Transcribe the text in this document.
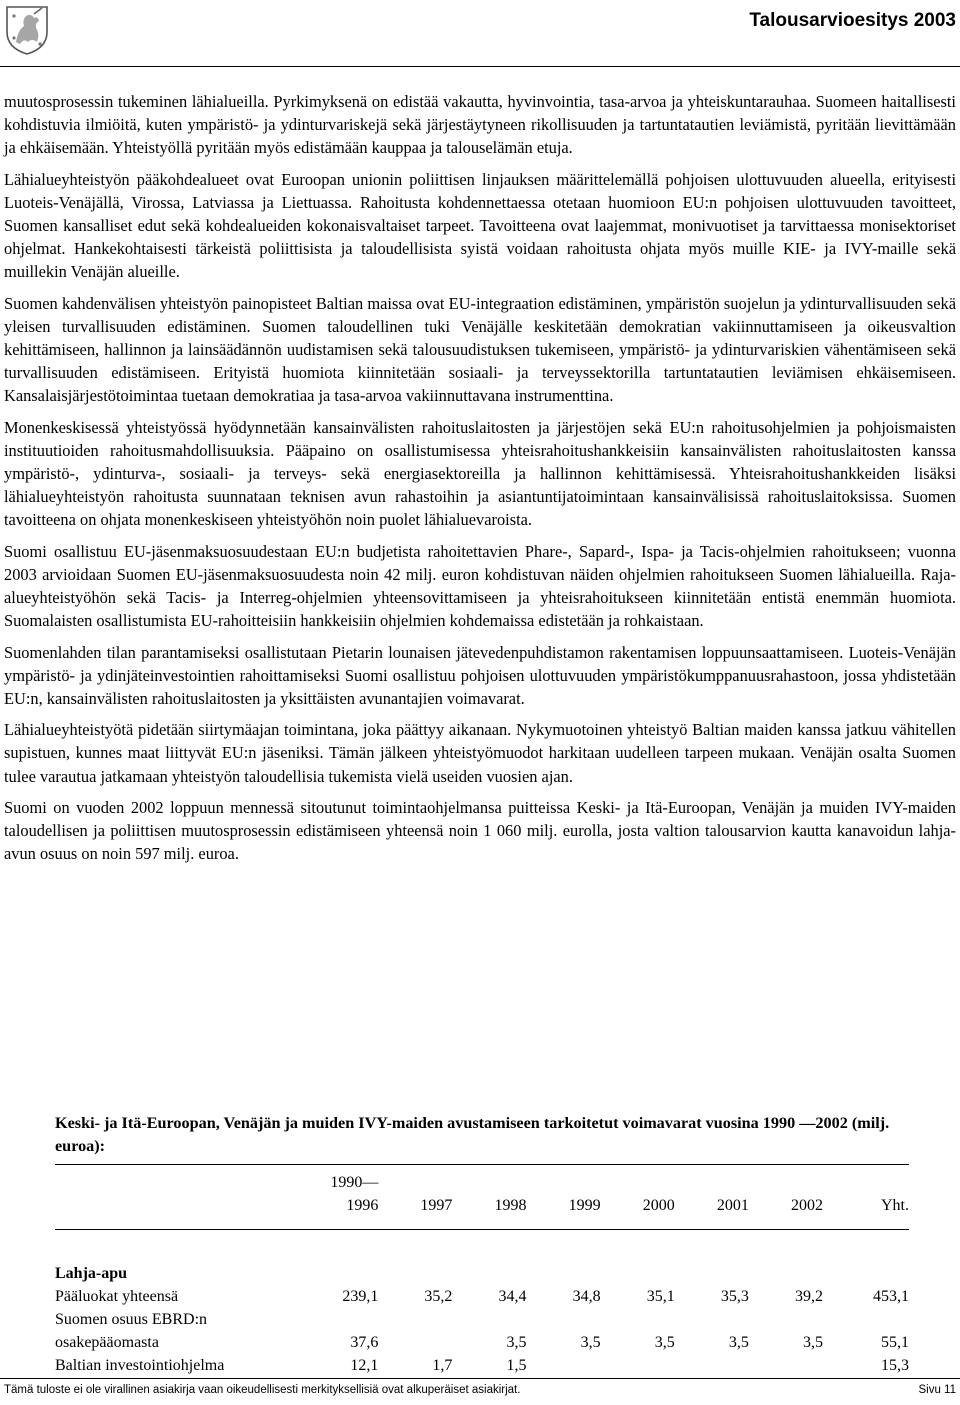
Talousarvioesitys 2003

muutosprosessin tukeminen lähialueilla. Pyrkimyksenä on edistää vakautta, hyvinvointia, tasa-arvoa ja yhteiskuntarauhaa. Suomeen haitallisesti kohdistuvia ilmiöitä, kuten ympäristö- ja ydinturvariskejä sekä järjestäytyneen rikollisuuden ja tartuntatautien leviämistä, pyritään lievittämään ja ehkäisemään. Yhteistyöllä pyritään myös edistämään kauppaa ja talouselämän etuja.

Lähialueyhteistyön pääkohdealueet ovat Euroopan unionin poliittisen linjauksen määrittelemällä pohjoisen ulottuvuuden alueella, erityisesti Luoteis-Venäjällä, Virossa, Latviassa ja Liettuassa. Rahoitusta kohdennettaessa otetaan huomioon EU:n pohjoisen ulottuvuuden tavoitteet, Suomen kansalliset edut sekä kohdealueiden kokonaisvaltaiset tarpeet. Tavoitteena ovat laajemmat, monivuotiset ja tarvittaessa monisektoriset ohjelmat. Hankekohtaisesti tärkeistä poliittisista ja taloudellisista syistä voidaan rahoitusta ohjata myös muille KIE- ja IVY-maille sekä muillekin Venäjän alueille.

Suomen kahdenvälisen yhteistyön painopisteet Baltian maissa ovat EU-integraation edistäminen, ympäristön suojelun ja ydinturvallisuuden sekä yleisen turvallisuuden edistäminen. Suomen taloudellinen tuki Venäjälle keskitetään demokratian vakiinnuttamiseen ja oikeusvaltion kehittämiseen, hallinnon ja lainsäädännön uudistamisen sekä talousuudistuksen tukemiseen, ympäristö- ja ydinturvariskien vähentämiseen sekä turvallisuuden edistämiseen. Erityistä huomiota kiinnitetään sosiaali- ja terveyssektorilla tartuntatautien leviämisen ehkäisemiseen. Kansalaisjärjestötoimintaa tuetaan demokratiaa ja tasa-arvoa vakiinnuttavana instrumenttina.

Monenkeskisessä yhteistyössä hyödynnetään kansainvälisten rahoituslaitosten ja järjestöjen sekä EU:n rahoitusohjelmien ja pohjoismaisten instituutioiden rahoitusmahdollisuuksia. Pääpaino on osallistumisessa yhteisrahoitushankkeisiin kansainvälisten rahoituslaitosten kanssa ympäristö-, ydinturva-, sosiaali- ja terveys- sekä energiasektoreilla ja hallinnon kehittämisessä. Yhteisrahoitushankkeiden lisäksi lähialueyhteistyön rahoitusta suunnataan teknisen avun rahastoihin ja asiantuntijatoimintaan kansainvälisissä rahoituslaitoksissa. Suomen tavoitteena on ohjata monenkeskiseen yhteistyöhön noin puolet lähialuevaroista.

Suomi osallistuu EU-jäsenmaksuosuudestaan EU:n budjetista rahoitettavien Phare-, Sapard-, Ispa- ja Tacis-ohjelmien rahoitukseen; vuonna 2003 arvioidaan Suomen EU-jäsenmaksuosuudesta noin 42 milj. euron kohdistuvan näiden ohjelmien rahoitukseen Suomen lähialueilla. Raja-alueyhteistyöhön sekä Tacis- ja Interreg-ohjelmien yhteensovittamiseen ja yhteisrahoitukseen kiinnitetään entistä enemmän huomiota. Suomalaisten osallistumista EU-rahoitteisiin hankkeisiin ohjelmien kohdemaissa edistetään ja rohkaistaan.

Suomenlahden tilan parantamiseksi osallistutaan Pietarin lounaisen jätevedenpuhdistamon rakentamisen loppuunsaattamiseen. Luoteis-Venäjän ympäristö- ja ydinjäteinvestointien rahoittamiseksi Suomi osallistuu pohjoisen ulottuvuuden ympäristökumppanuusrahastoon, jossa yhdistetään EU:n, kansainvälisten rahoituslaitosten ja yksittäisten avunantajien voimavarat.

Lähialueyhteistyötä pidetään siirtymäajan toimintana, joka päättyy aikanaan. Nykymuotoinen yhteistyö Baltian maiden kanssa jatkuu vähitellen supistuen, kunnes maat liittyvät EU:n jäseniksi. Tämän jälkeen yhteistyömuodot harkitaan uudelleen tarpeen mukaan. Venäjän osalta Suomen tulee varautua jatkamaan yhteistyön taloudellisia tukemista vielä useiden vuosien ajan.

Suomi on vuoden 2002 loppuun mennessä sitoutunut toimintaohjelmansa puitteissa Keski- ja Itä-Euroopan, Venäjän ja muiden IVY-maiden taloudellisen ja poliittisen muutosprosessin edistämiseen yhteensä noin 1 060 milj. eurolla, josta valtion talousarvion kautta kanavoidun lahja-avun osuus on noin 597 milj. euroa.

Keski- ja Itä-Euroopan, Venäjän ja muiden IVY-maiden avustamiseen tarkoitetut voimavarat vuosina 1990 —2002 (milj. euroa):

	1990—
1996	1997	1998	1999	2000	2001	2002	Yht.
Lahja-apu								
Pääluokat yhteensä	239,1	35,2	34,4	34,8	35,1	35,3	39,2	453,1
Suomen osuus EBRD:n osakepääomasta	37,6		3,5	3,5	3,5	3,5	3,5	55,1
Baltian investointiohjelma	12,1	1,7	1,5					15,3
Tämä tuloste ei ole virallinen asiakirja vaan oikeudellisesti merkityksellisiä ovat alkuperäiset asiakirjat.	Sivu 11
